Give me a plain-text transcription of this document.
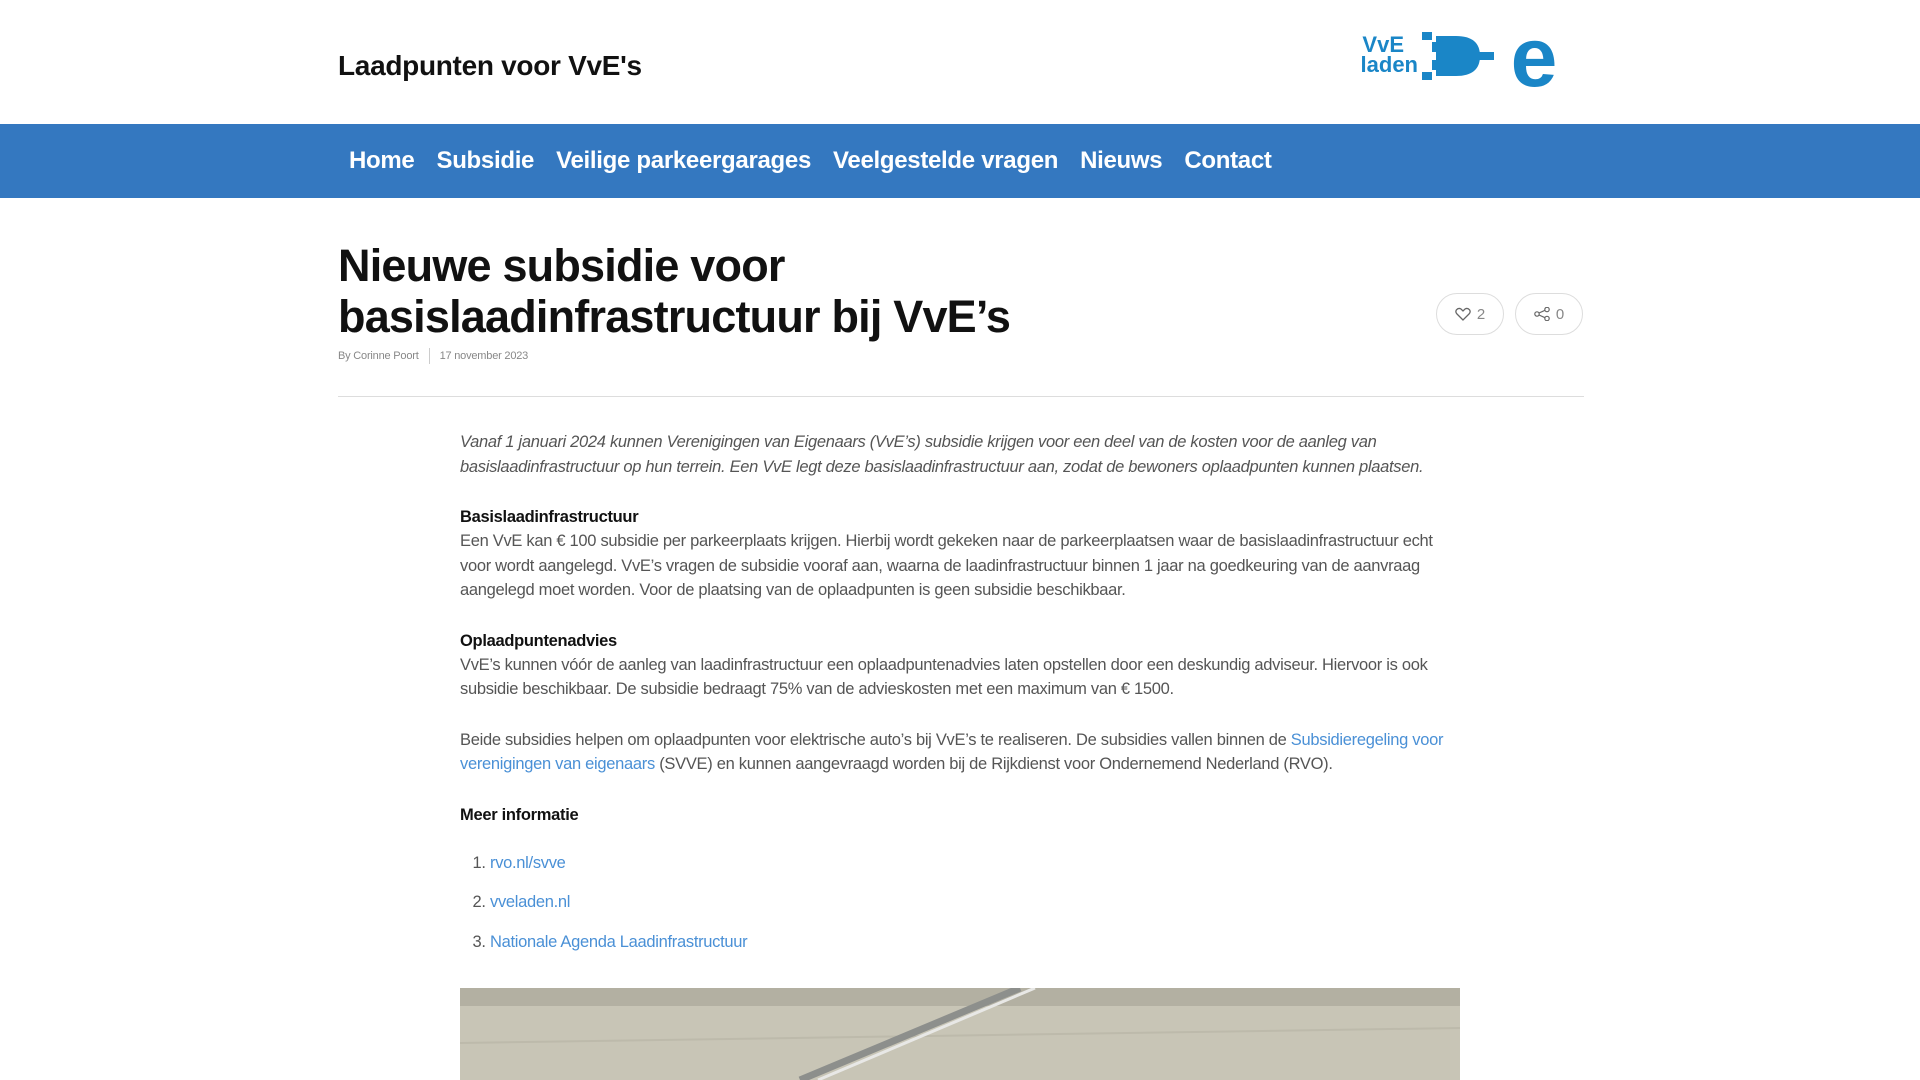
Laadpunten voor VvE's
VvE
laden e
Home Subsidie Veilige parkeergarages Veelgestelde vragen Nieuws Contact
Nieuwe subsidie voor basislaadinfrastructuur bij VvE’s
By Corinne Poort 17 november 2023
2	0

Vanaf 1 januari 2024 kunnen Verenigingen van Eigenaars (VvE’s) subsidie krijgen voor een deel van de kosten voor de aanleg van basislaadinfrastructuur op hun terrein. Een VvE legt deze basislaadinfrastructuur aan, zodat de bewoners oplaadpunten kunnen plaatsen.

Basislaadinfrastructuur

Een VvE kan € 100 subsidie per parkeerplaats krijgen. Hierbij wordt gekeken naar de parkeerplaatsen waar de basislaadinfrastructuur echt voor wordt aangelegd. VvE’s vragen de subsidie vooraf aan, waarna de laadinfrastructuur binnen 1 jaar na goedkeuring van de aanvraag aangelegd moet worden. Voor de plaatsing van de oplaadpunten is geen subsidie beschikbaar.

Oplaadpuntenadvies

VvE’s kunnen vóór de aanleg van laadinfrastructuur een oplaadpuntenadvies laten opstellen door een deskundig adviseur. Hiervoor is ook subsidie beschikbaar. De subsidie bedraagt 75% van de advieskosten met een maximum van € 1500.

Beide subsidies helpen om oplaadpunten voor elektrische auto’s bij VvE’s te realiseren. De subsidies vallen binnen de Subsidieregeling voor verenigingen van eigenaars (SVVE) en kunnen aangevraagd worden bij de Rijkdienst voor Ondernemend Nederland (RVO).

Meer informatie
1. rvo.nl/svve
2. vveladen.nl
3. Nationale Agenda Laadinfrastructuur
